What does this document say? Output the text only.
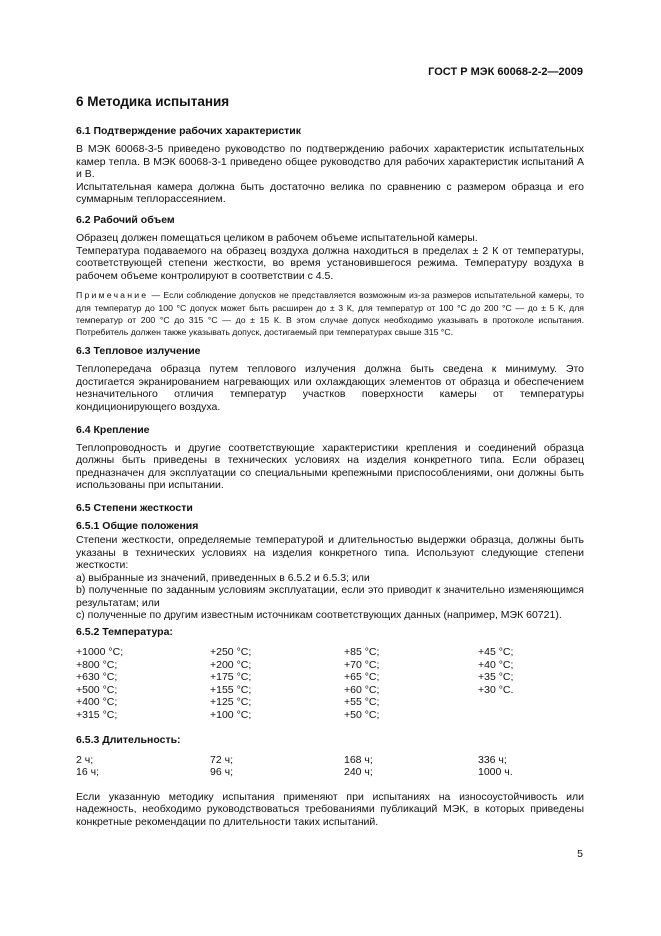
ГОСТ Р МЭК 60068-2-2—2009
6 Методика испытания
6.1 Подтверждение рабочих характеристик

В МЭК 60068-3-5 приведено руководство по подтверждению рабочих характеристик испытательных камер тепла. В МЭК 60068-3-1 приведено общее руководство для рабочих характеристик испытаний А и В.

Испытательная камера должна быть достаточно велика по сравнению с размером образца и его суммарным теплорассеянием.

6.2 Рабочий объем

Образец должен помещаться целиком в рабочем объеме испытательной камеры.

Температура подаваемого на образец воздуха должна находиться в пределах ± 2 К от температуры, соответствующей степени жесткости, во время установившегося режима. Температуру воздуха в рабочем объеме контролируют в соответствии с 4.5.

Примечание — Если соблюдение допусков не представляется возможным из-за размеров испытательной камеры, то для температур до 100 °С допуск может быть расширен до ± 3 К, для температур от 100 °С до 200 °С — до ± 5 К, для температур от 200 °С до 315 °С — до ± 15 К. В этом случае допуск необходимо указывать в протоколе испытания. Потребитель должен также указывать допуск, достигаемый при температурах свыше 315 °С.
6.3 Тепловое излучение

Теплопередача образца путем теплового излучения должна быть сведена к минимуму. Это достигается экранированием нагревающих или охлаждающих элементов от образца и обеспечением незначительного отличия температур участков поверхности камеры от температуры кондиционирующего воздуха.

6.4 Крепление

Теплопроводность и другие соответствующие характеристики крепления и соединений образца должны быть приведены в технических условиях на изделия конкретного типа. Если образец предназначен для эксплуатации со специальными крепежными приспособлениями, они должны быть использованы при испытании.

6.5 Степени жесткости
6.5.1 Общие положения

Степени жесткости, определяемые температурой и длительностью выдержки образца, должны быть указаны в технических условиях на изделия конкретного типа. Используют следующие степени жесткости:

a) выбранные из значений, приведенных в 6.5.2 и 6.5.3; или

b) полученные по заданным условиям эксплуатации, если это приводит к значительно изменяющимся результатам; или

c) полученные по другим известным источникам соответствующих данных (например, МЭК 60721).

6.5.2 Температура:
+1000 °С;
+800 °С;
+630 °С;
+500 °С;
+400 °С;
+315 °С;
+250 °С;
+200 °С;
+175 °С;
+155 °С;
+125 °С;
+100 °С;
+85 °С;
+70 °С;
+65 °С;
+60 °С;
+55 °С;
+50 °С;
+45 °С;
+40 °С;
+35 °С;
+30 °С.

6.5.3 Длительность:
2 ч;
16 ч;
72 ч;
96 ч;
168 ч;
240 ч;
336 ч;
1000 ч.

Если указанную методику испытания применяют при испытаниях на износоустойчивость или надежность, необходимо руководствоваться требованиями публикаций МЭК, в которых приведены конкретные рекомендации по длительности таких испытаний.

5
